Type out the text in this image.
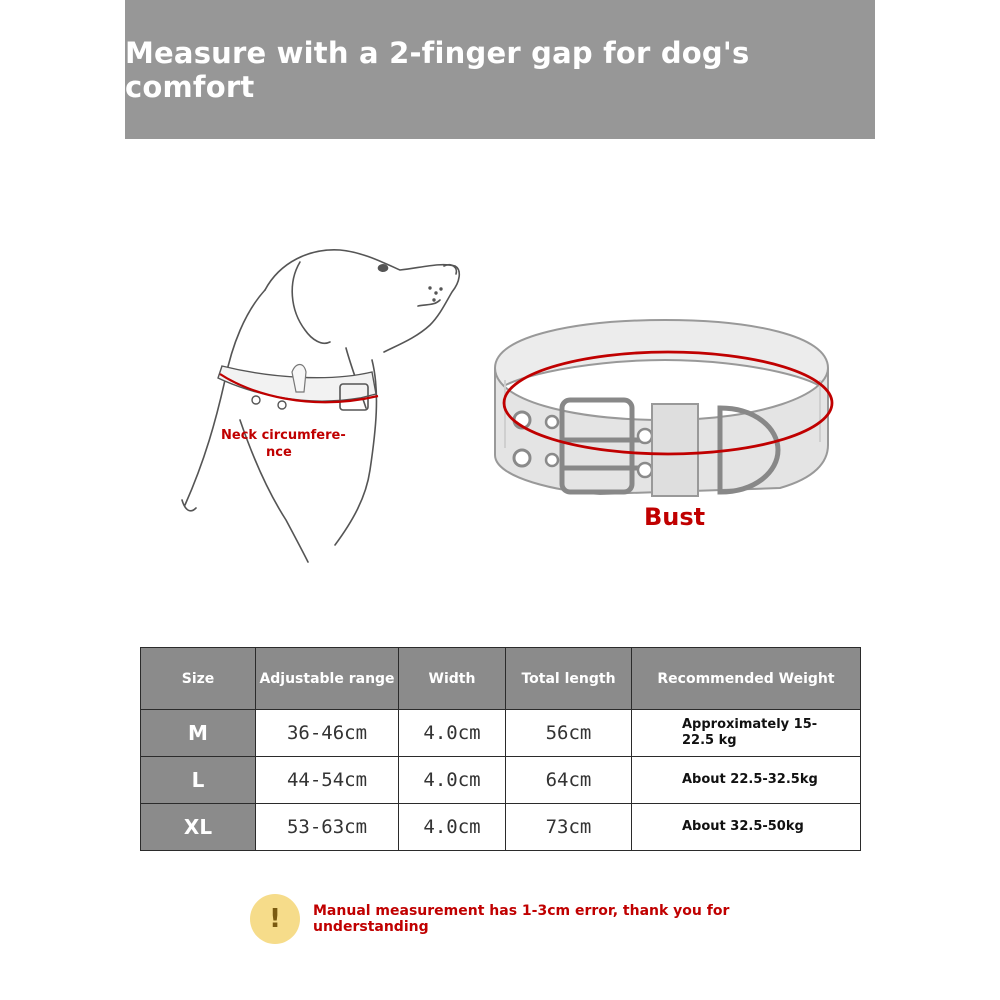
Measure with a 2-finger gap for dog's comfort
Neck circumfere-
nce
Bust
Size	Adjustable range	Width	Total length	Recommended Weight
M	36-46cm	4.0cm	56cm	Approximately 15-22.5 kg
L	44-54cm	4.0cm	64cm	About 22.5-32.5kg
XL	53-63cm	4.0cm	73cm	About 32.5-50kg
!	Manual measurement has 1-3cm error, thank you for understanding
